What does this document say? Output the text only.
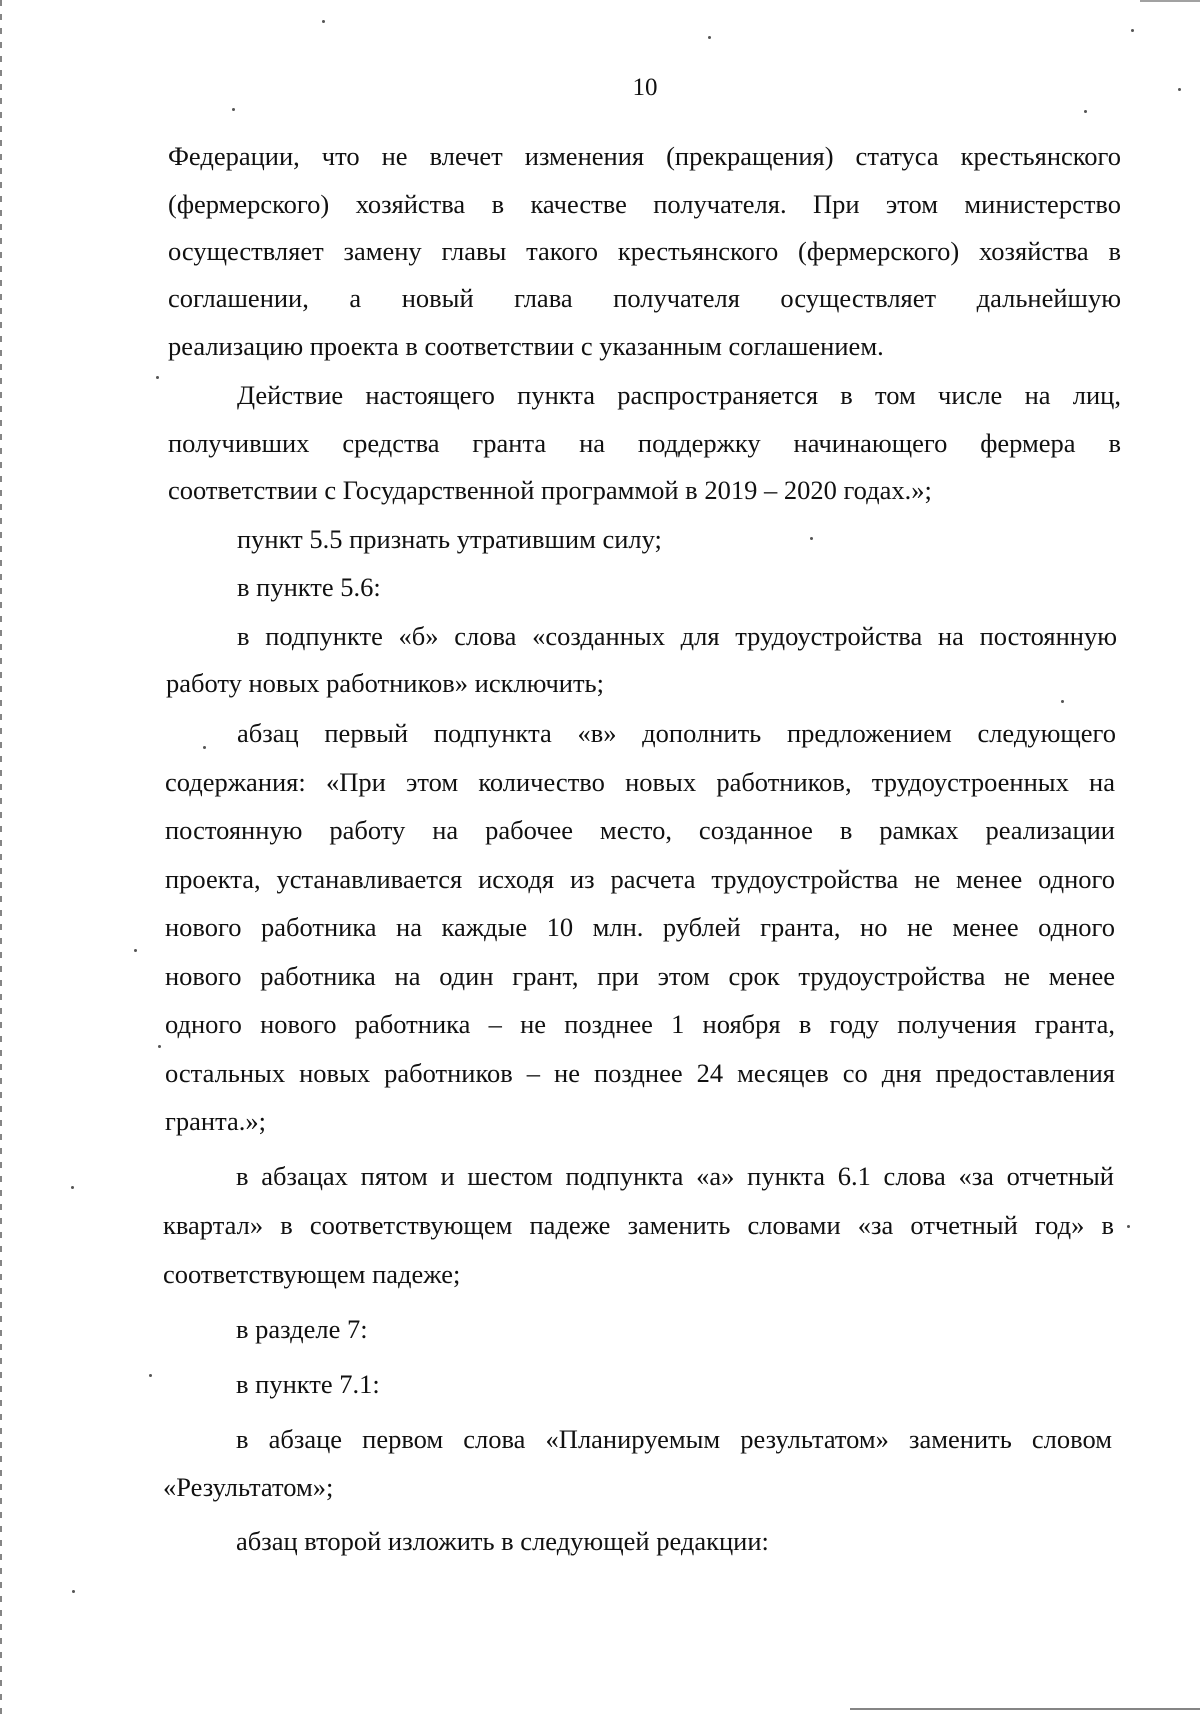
10
Федерации, что не влечет изменения (прекращения) статуса крестьянского
(фермерского) хозяйства в качестве получателя. При этом министерство
осуществляет замену главы такого крестьянского (фермерского) хозяйства в
соглашении, а новый глава получателя осуществляет дальнейшую
реализацию проекта в соответствии с указанным соглашением.
Действие настоящего пункта распространяется в том числе на лиц,
получивших средства гранта на поддержку начинающего фермера в
соответствии с Государственной программой в 2019 – 2020 годах.»;
пункт 5.5 признать утратившим силу;
в пункте 5.6:
в подпункте «б» слова «созданных для трудоустройства на постоянную
работу новых работников» исключить;
абзац первый подпункта «в» дополнить предложением следующего
содержания: «При этом количество новых работников, трудоустроенных на
постоянную работу на рабочее место, созданное в рамках реализации
проекта, устанавливается исходя из расчета трудоустройства не менее одного
нового работника на каждые 10 млн. рублей гранта, но не менее одного
нового работника на один грант, при этом срок трудоустройства не менее
одного нового работника – не позднее 1 ноября в году получения гранта,
остальных новых работников – не позднее 24 месяцев со дня предоставления
гранта.»;
в абзацах пятом и шестом подпункта «а» пункта 6.1 слова «за отчетный
квартал» в соответствующем падеже заменить словами «за отчетный год» в
соответствующем падеже;
в разделе 7:
в пункте 7.1:
в абзаце первом слова «Планируемым результатом» заменить словом
«Результатом»;
абзац второй изложить в следующей редакции:
